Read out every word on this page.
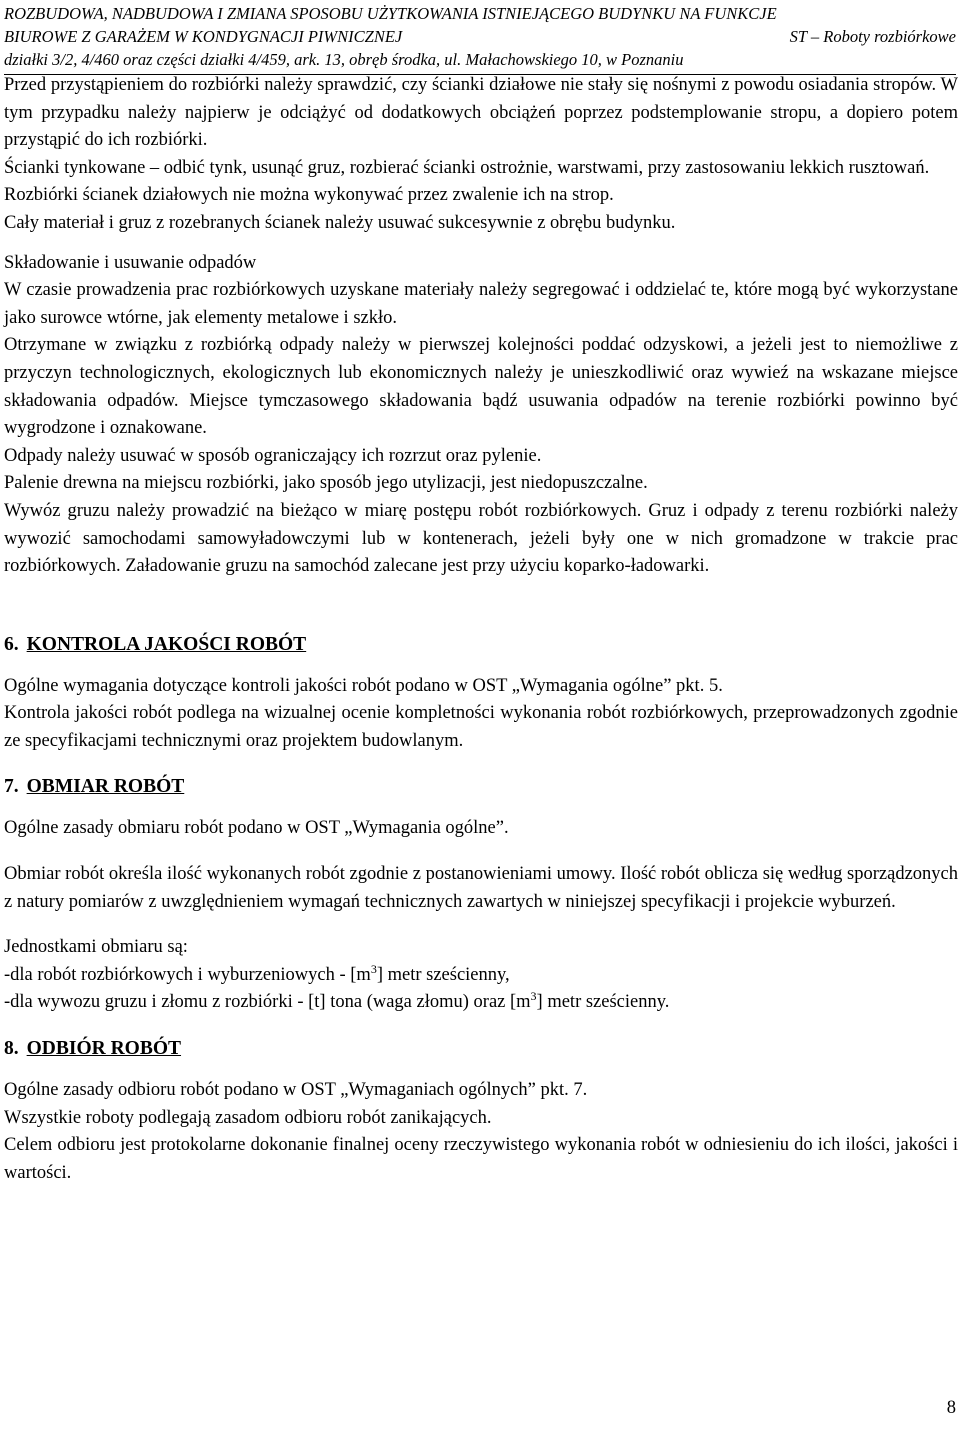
ROZBUDOWA, NADBUDOWA I ZMIANA SPOSOBU UŻYTKOWANIA ISTNIEJĄCEGO BUDYNKU NA FUNKCJE
BIUROWE Z GARAŻEM W KONDYGNACJI PIWNICZNEJ	ST – Roboty rozbiórkowe
działki 3/2, 4/460 oraz części działki 4/459, ark. 13, obręb środka, ul. Małachowskiego 10, w Poznaniu

Przed przystąpieniem do rozbiórki należy sprawdzić, czy ścianki działowe nie stały się nośnymi z powodu osiadania stropów. W tym przypadku należy najpierw je odciążyć od dodatkowych obciążeń poprzez podstemplowanie stropu, a dopiero potem przystąpić do ich rozbiórki.

Ścianki tynkowane – odbić tynk, usunąć gruz, rozbierać ścianki ostrożnie, warstwami, przy zastosowaniu lekkich rusztowań.

Rozbiórki ścianek działowych nie można wykonywać przez zwalenie ich na strop.

Cały materiał i gruz z rozebranych ścianek należy usuwać sukcesywnie z obrębu budynku.

Składowanie i usuwanie odpadów

W czasie prowadzenia prac rozbiórkowych uzyskane materiały należy segregować i oddzielać te, które mogą być wykorzystane jako surowce wtórne, jak elementy metalowe i szkło.

Otrzymane w związku z rozbiórką odpady należy w pierwszej kolejności poddać odzyskowi, a jeżeli jest to niemożliwe z przyczyn technologicznych, ekologicznych lub ekonomicznych należy je unieszkodliwić oraz wywieź na wskazane miejsce składowania odpadów. Miejsce tymczasowego składowania bądź usuwania odpadów na terenie rozbiórki powinno być wygrodzone i oznakowane.

Odpady należy usuwać w sposób ograniczający ich rozrzut oraz pylenie.

Palenie drewna na miejscu rozbiórki, jako sposób jego utylizacji, jest niedopuszczalne.

Wywóz gruzu należy prowadzić na bieżąco w miarę postępu robót rozbiórkowych. Gruz i odpady z terenu rozbiórki należy wywozić samochodami samowyładowczymi lub w kontenerach, jeżeli były one w nich gromadzone w trakcie prac rozbiórkowych. Załadowanie gruzu na samochód zalecane jest przy użyciu koparko-ładowarki.

6. KONTROLA JAKOŚCI ROBÓT

Ogólne wymagania dotyczące kontroli jakości robót podano w OST „Wymagania ogólne” pkt. 5.

Kontrola jakości robót podlega na wizualnej ocenie kompletności wykonania robót rozbiórkowych, przeprowadzonych zgodnie ze specyfikacjami technicznymi oraz projektem budowlanym.

7. OBMIAR ROBÓT

Ogólne zasady obmiaru robót podano w OST „Wymagania ogólne”.

Obmiar robót określa ilość wykonanych robót zgodnie z postanowieniami umowy. Ilość robót oblicza się według sporządzonych z natury pomiarów z uwzględnieniem wymagań technicznych zawartych w niniejszej specyfikacji i projekcie wyburzeń.

Jednostkami obmiaru są:

-dla robót rozbiórkowych i wyburzeniowych - $[m^3]$ metr sześcienny,

-dla wywozu gruzu i złomu z rozbiórki - [t] tona (waga złomu) oraz $[m^3]$ metr sześcienny.

8. ODBIÓR ROBÓT

Ogólne zasady odbioru robót podano w OST „Wymaganiach ogólnych” pkt. 7.

Wszystkie roboty podlegają zasadom odbioru robót zanikających.

Celem odbioru jest protokolarne dokonanie finalnej oceny rzeczywistego wykonania robót w odniesieniu do ich ilości, jakości i wartości.

8
